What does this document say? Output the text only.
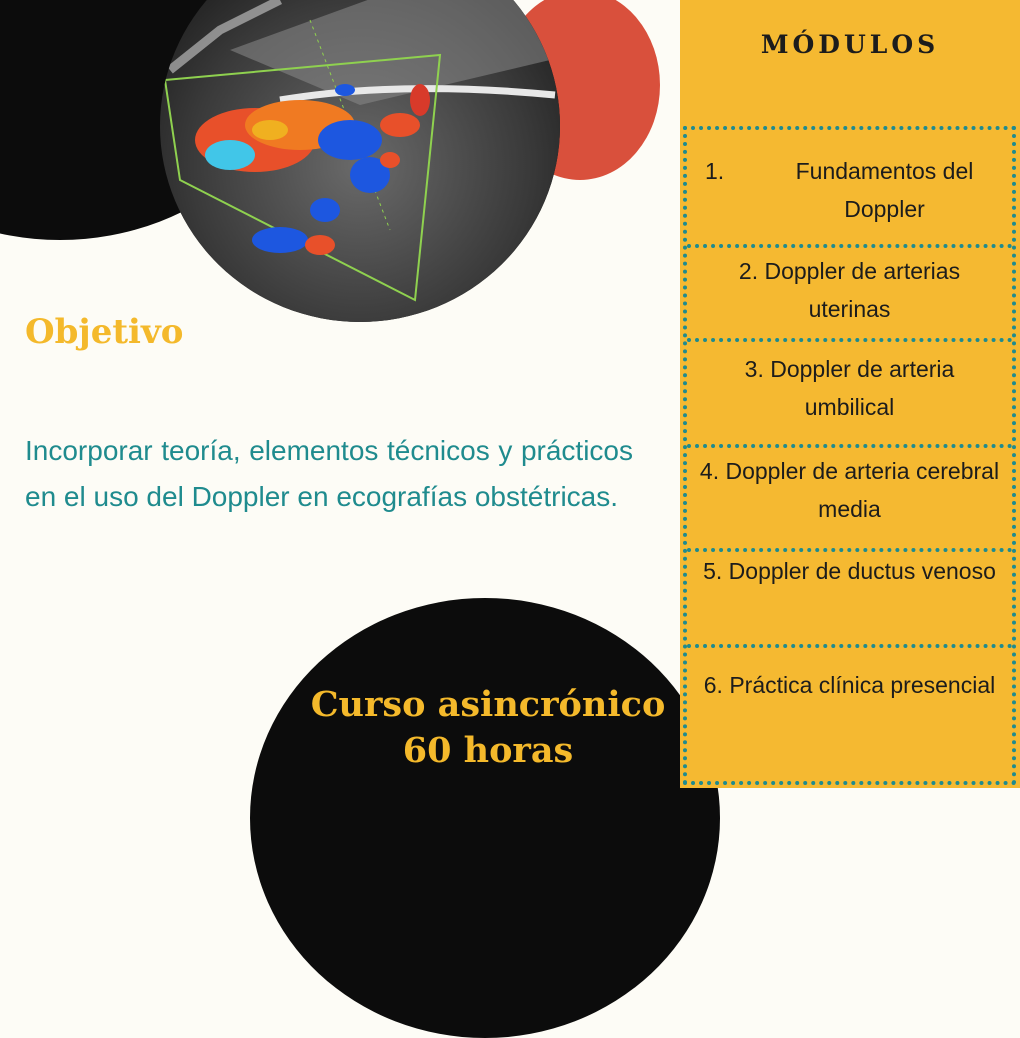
Objetivo

Incorporar teoría, elementos técnicos y prácticos en el uso del Doppler en ecografías obstétricas.

Curso asincrónico
60 horas
MÓDULOS
1.	Fundamentos del Doppler
2. Doppler de arterias uterinas
3. Doppler de arteria umbilical
4. Doppler de arteria cerebral media
5. Doppler de ductus venoso
6. Práctica clínica presencial
